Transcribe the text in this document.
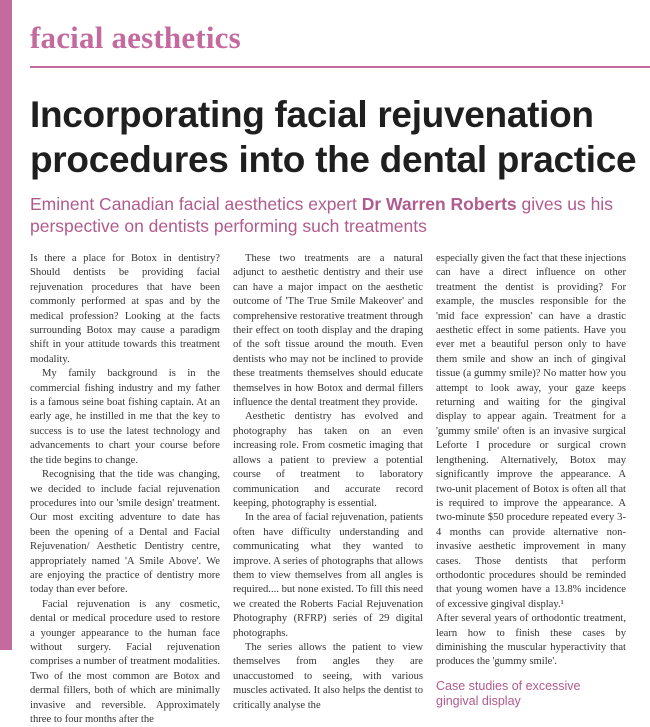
facial aesthetics
Incorporating facial rejuvenation procedures into the dental practice

Eminent Canadian facial aesthetics expert Dr Warren Roberts gives us his perspective on dentists performing such treatments

Is there a place for Botox in dentistry? Should dentists be providing facial rejuvenation procedures that have been commonly performed at spas and by the medical profession? Looking at the facts surrounding Botox may cause a paradigm shift in your attitude towards this treatment modality.

My family background is in the commercial fishing industry and my father is a famous seine boat fishing captain. At an early age, he instilled in me that the key to success is to use the latest technology and advancements to chart your course before the tide begins to change.

Recognising that the tide was changing, we decided to include facial rejuvenation procedures into our 'smile design' treatment. Our most exciting adventure to date has been the opening of a Dental and Facial Rejuvenation/ Aesthetic Dentistry centre, appropriately named 'A Smile Above'. We are enjoying the practice of dentistry more today than ever before.

Facial rejuvenation is any cosmetic, dental or medical procedure used to restore a younger appearance to the human face without surgery. Facial rejuvenation comprises a number of treatment modalities. Two of the most common are Botox and dermal fillers, both of which are minimally invasive and reversible. Approximately three to four months after the

These two treatments are a natural adjunct to aesthetic dentistry and their use can have a major impact on the aesthetic outcome of 'The True Smile Makeover' and comprehensive restorative treatment through their effect on tooth display and the draping of the soft tissue around the mouth. Even dentists who may not be inclined to provide these treatments themselves should educate themselves in how Botox and dermal fillers influence the dental treatment they provide.

Aesthetic dentistry has evolved and photography has taken on an even increasing role. From cosmetic imaging that allows a patient to preview a potential course of treatment to laboratory communication and accurate record keeping, photography is essential.

In the area of facial rejuvenation, patients often have difficulty understanding and communicating what they wanted to improve. A series of photographs that allows them to view themselves from all angles is required.... but none existed. To fill this need we created the Roberts Facial Rejuvenation Photography (RFRP) series of 29 digital photographs.

The series allows the patient to view themselves from angles they are unaccustomed to seeing, with various muscles activated. It also helps the dentist to critically analyse the

especially given the fact that these injections can have a direct influence on other treatment the dentist is providing? For example, the muscles responsible for the 'mid face expression' can have a drastic aesthetic effect in some patients. Have you ever met a beautiful person only to have them smile and show an inch of gingival tissue (a gummy smile)? No matter how you attempt to look away, your gaze keeps returning and waiting for the gingival display to appear again. Treatment for a 'gummy smile' often is an invasive surgical Leforte I procedure or surgical crown lengthening. Alternatively, Botox may significantly improve the appearance. A two-unit placement of Botox is often all that is required to improve the appearance. A two-minute $50 procedure repeated every 3-4 months can provide alternative non-invasive aesthetic improvement in many cases. Those dentists that perform orthodontic procedures should be reminded that young women have a 13.8% incidence of excessive gingival display.¹

After several years of orthodontic treatment, learn how to finish these cases by diminishing the muscular hyperactivity that produces the 'gummy smile'.

Case studies of excessive gingival display
